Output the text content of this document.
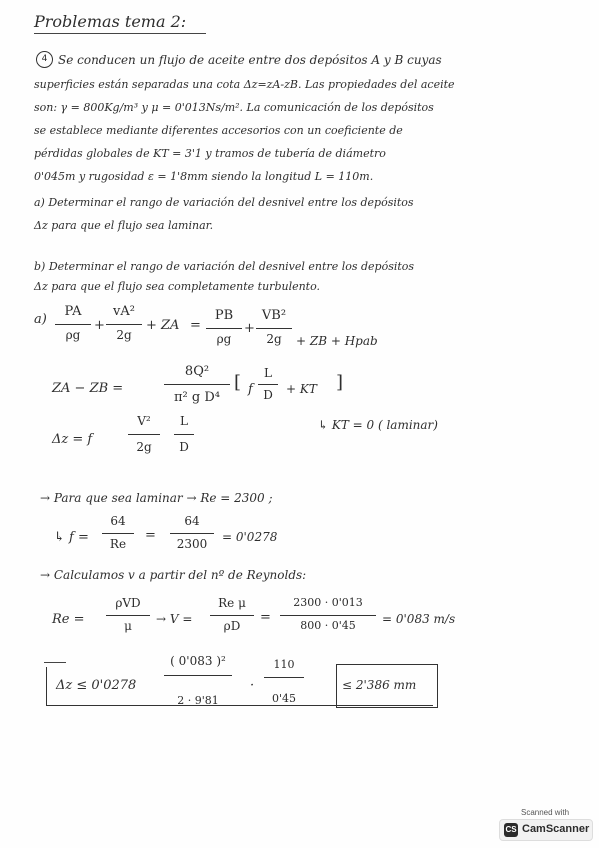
Problemas tema 2:
4 Se conducen un flujo de aceite entre dos depósitos A y B cuyas
superficies están separadas una cota Δz=zA-zB. Las propiedades del aceite
son: γ = 800Kg/m³ y μ = 0'013Ns/m². La comunicación de los depósitos
se establece mediante diferentes accesorios con un coeficiente de
pérdidas globales de KT = 3'1 y tramos de tubería de diámetro
0'045m y rugosidad ε = 1'8mm siendo la longitud L = 110m.
a) Determinar el rango de variación del desnivel entre los depósitos
Δz para que el flujo sea laminar.
b) Determinar el rango de variación del desnivel entre los depósitos
Δz para que el flujo sea completamente turbulento.
a)
PA
ρg
+
vA²
2g
+ ZA =
PB
ρg
+
VB²
2g	+ ZB + Hpab
ZA − ZB =
8Q²
π² g D⁴
[ f
L
D	+ KT ]
↳ KT = 0 ( laminar)
Δz = f
V²
2g
L
D
→ Para que sea laminar → Re = 2300 ;
↳ f =
64
Re
=
64
2300	= 0'0278
→ Calculamos v a partir del nº de Reynolds:
Re =
ρVD
μ	→ V =
Re μ
ρD
=
2300 · 0'013
800 · 0'45	= 0'083 m/s
Δz ≤ 0'0278
( 0'083 )²
2 · 9'81
·
110
0'45
≤ 2'386 mm
Scanned with
CS CamScanner
